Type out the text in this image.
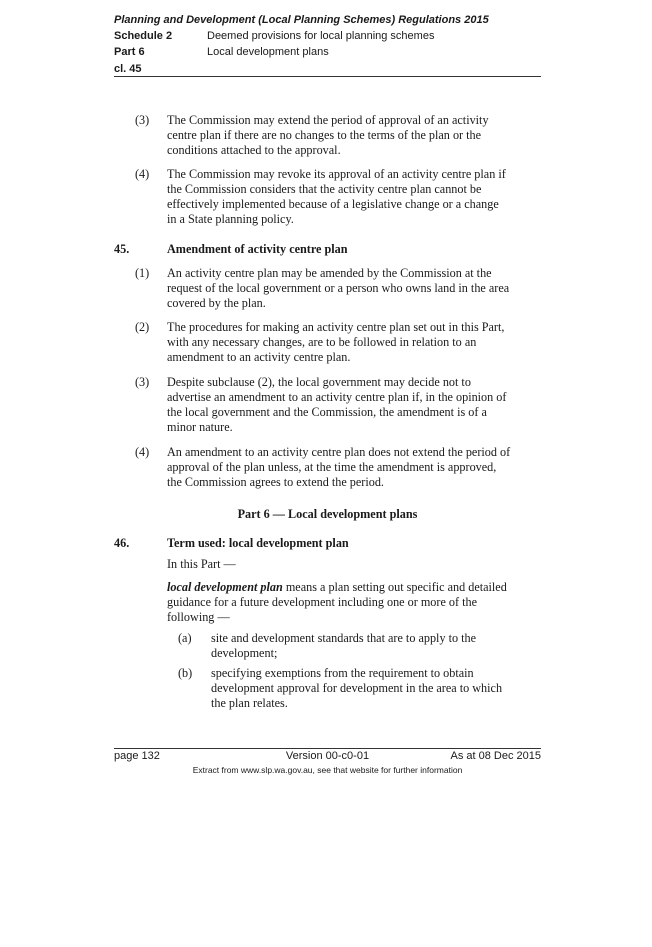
Planning and Development (Local Planning Schemes) Regulations 2015
Schedule 2	Deemed provisions for local planning schemes
Part 6	Local development plans
cl. 45
(3) The Commission may extend the period of approval of an activity
centre plan if there are no changes to the terms of the plan or the
conditions attached to the approval.
(4) The Commission may revoke its approval of an activity centre plan if
the Commission considers that the activity centre plan cannot be
effectively implemented because of a legislative change or a change
in a State planning policy.
45.	Amendment of activity centre plan
(1) An activity centre plan may be amended by the Commission at the
request of the local government or a person who owns land in the area
covered by the plan.
(2) The procedures for making an activity centre plan set out in this Part,
with any necessary changes, are to be followed in relation to an
amendment to an activity centre plan.
(3) Despite subclause (2), the local government may decide not to
advertise an amendment to an activity centre plan if, in the opinion of
the local government and the Commission, the amendment is of a
minor nature.
(4) An amendment to an activity centre plan does not extend the period of
approval of the plan unless, at the time the amendment is approved,
the Commission agrees to extend the period.
Part 6 — Local development plans
46.	Term used: local development plan
In this Part —
local development plan means a plan setting out specific and detailed
guidance for a future development including one or more of the
following —
(a) site and development standards that are to apply to the
development;
(b) specifying exemptions from the requirement to obtain
development approval for development in the area to which
the plan relates.
page 132	Version 00-c0-01	As at 08 Dec 2015
Extract from www.slp.wa.gov.au, see that website for further information
